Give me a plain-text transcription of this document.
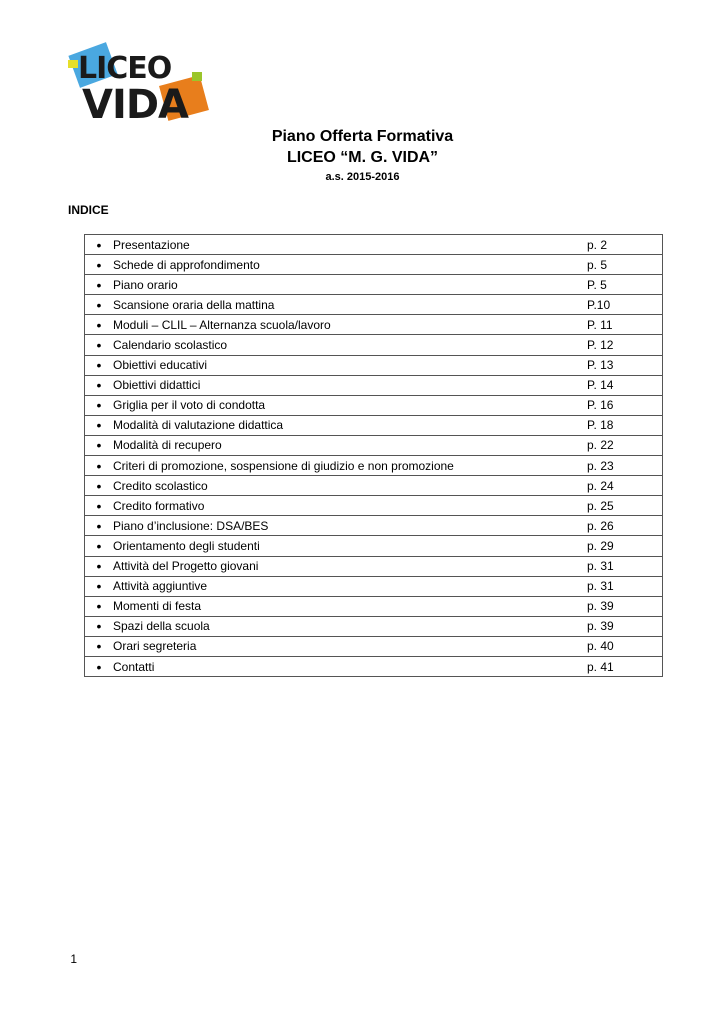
LICEO
VIDA
Piano Offerta Formativa
LICEO “M. G. VIDA”
a.s. 2015-2016
INDICE
•	Presentazione	p. 2
•	Schede di approfondimento	p. 5
•	Piano orario	P. 5
•	Scansione oraria della mattina	P.10
•	Moduli – CLIL – Alternanza scuola/lavoro	P. 11
•	Calendario scolastico	P. 12
•	Obiettivi educativi	P. 13
•	Obiettivi didattici	P. 14
•	Griglia per il voto di condotta	P. 16
•	Modalità di valutazione didattica	P. 18
•	Modalità di recupero	p. 22
•	Criteri di promozione, sospensione di giudizio e non promozione	p. 23
•	Credito scolastico	p. 24
•	Credito formativo	p. 25
•	Piano d’inclusione: DSA/BES	p. 26
•	Orientamento degli studenti	p. 29
•	Attività del Progetto giovani	p. 31
•	Attività aggiuntive	p. 31
•	Momenti di festa	p. 39
•	Spazi della scuola	p. 39
•	Orari segreteria	p. 40
•	Contatti	p. 41
1
